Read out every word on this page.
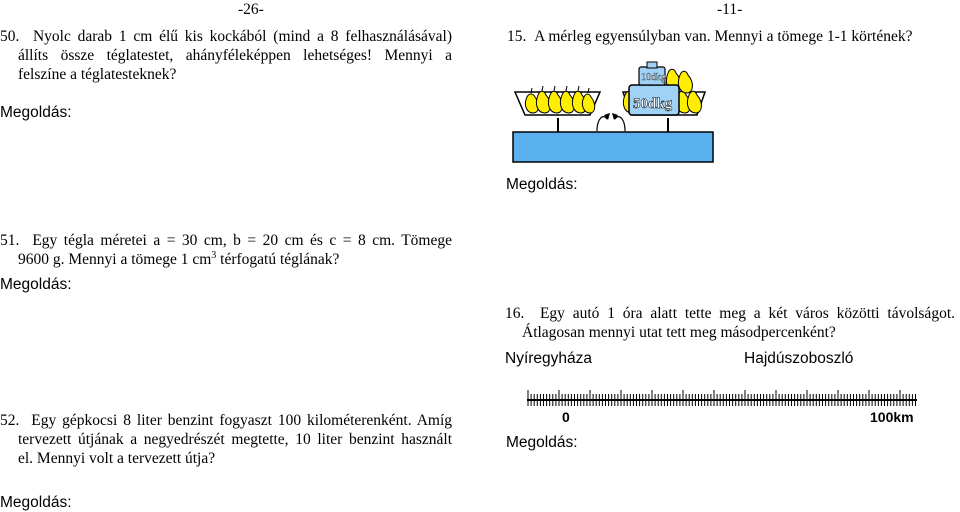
-26-	-11-
50. Nyolc darab 1 cm élű kis kockából (mind a 8 felhasználásával)
állíts össze téglatestet, ahányféleképpen lehetséges! Mennyi a
felszíne a téglatesteknek?
Megoldás:
15. A mérleg egyensúlyban van. Mennyi a tömege 1-1 körtének?
10dkg
50dkg
Megoldás:
51. Egy tégla méretei a = 30 cm, b = 20 cm és c = 8 cm. Tömege
9600 g. Mennyi a tömege 1 $cm^3$ térfogatú téglának?
Megoldás:
16. Egy autó 1 óra alatt tette meg a két város közötti távolságot.
Átlagosan mennyi utat tett meg másodpercenként?
Nyíregyháza	Hajdúszoboszló
0	100km
Megoldás:
52. Egy gépkocsi 8 liter benzint fogyaszt 100 kilométerenként. Amíg
tervezett útjának a negyedrészét megtette, 10 liter benzint használt
el. Mennyi volt a tervezett útja?
Megoldás:
